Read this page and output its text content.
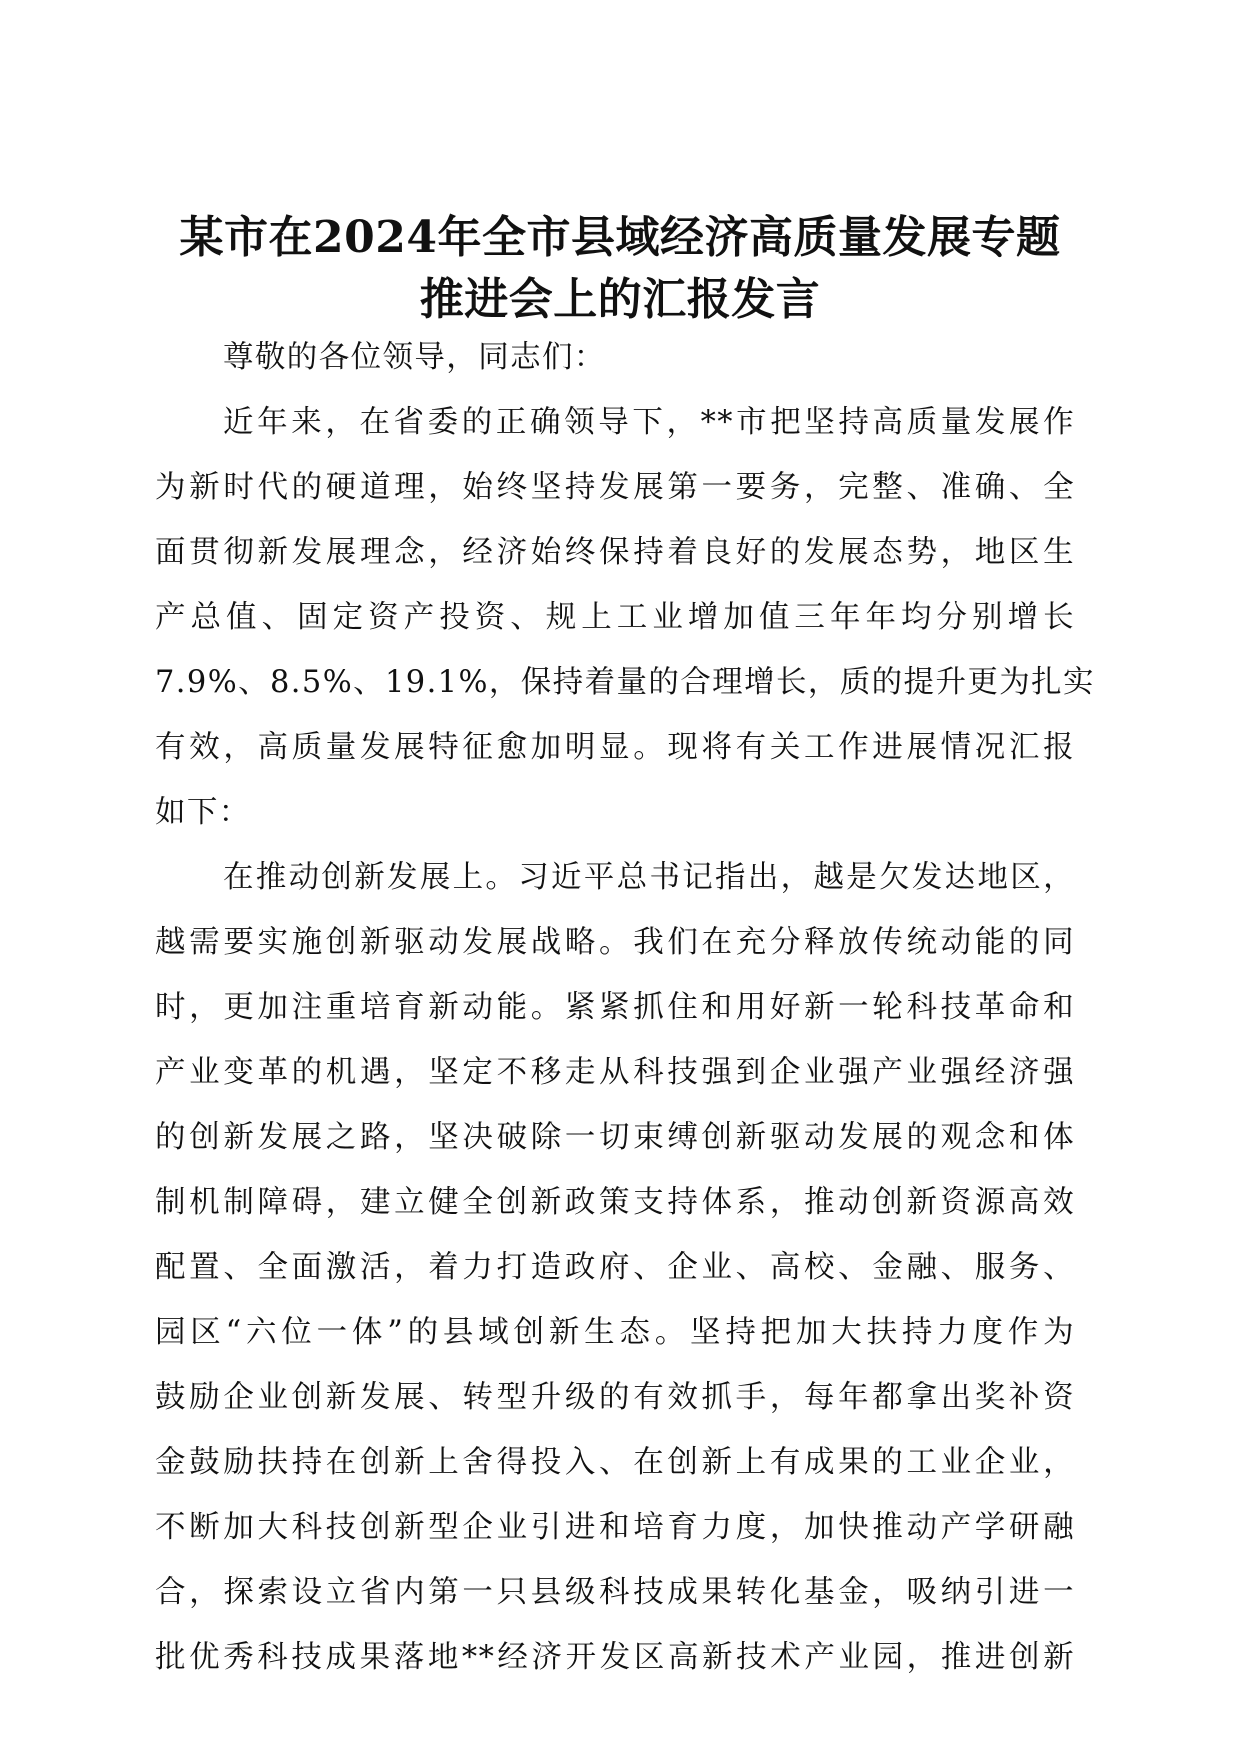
某市在2024年全市县域经济高质量发展专题
推进会上的汇报发言
尊敬的各位领导，同志们：
近年来，在省委的正确领导下，**市把坚持高质量发展作
为新时代的硬道理，始终坚持发展第一要务，完整、准确、全
面贯彻新发展理念，经济始终保持着良好的发展态势，地区生
产总值、固定资产投资、规上工业增加值三年年均分别增长
7.9%、8.5%、19.1%，保持着量的合理增长，质的提升更为扎实
有效，高质量发展特征愈加明显。现将有关工作进展情况汇报
如下：
在推动创新发展上。习近平总书记指出，越是欠发达地区，
越需要实施创新驱动发展战略。我们在充分释放传统动能的同
时，更加注重培育新动能。紧紧抓住和用好新一轮科技革命和
产业变革的机遇，坚定不移走从科技强到企业强产业强经济强
的创新发展之路，坚决破除一切束缚创新驱动发展的观念和体
制机制障碍，建立健全创新政策支持体系，推动创新资源高效
配置、全面激活，着力打造政府、企业、高校、金融、服务、
园区“六位一体”的县域创新生态。坚持把加大扶持力度作为
鼓励企业创新发展、转型升级的有效抓手，每年都拿出奖补资
金鼓励扶持在创新上舍得投入、在创新上有成果的工业企业，
不断加大科技创新型企业引进和培育力度，加快推动产学研融
合，探索设立省内第一只县级科技成果转化基金，吸纳引进一
批优秀科技成果落地**经济开发区高新技术产业园，推进创新
